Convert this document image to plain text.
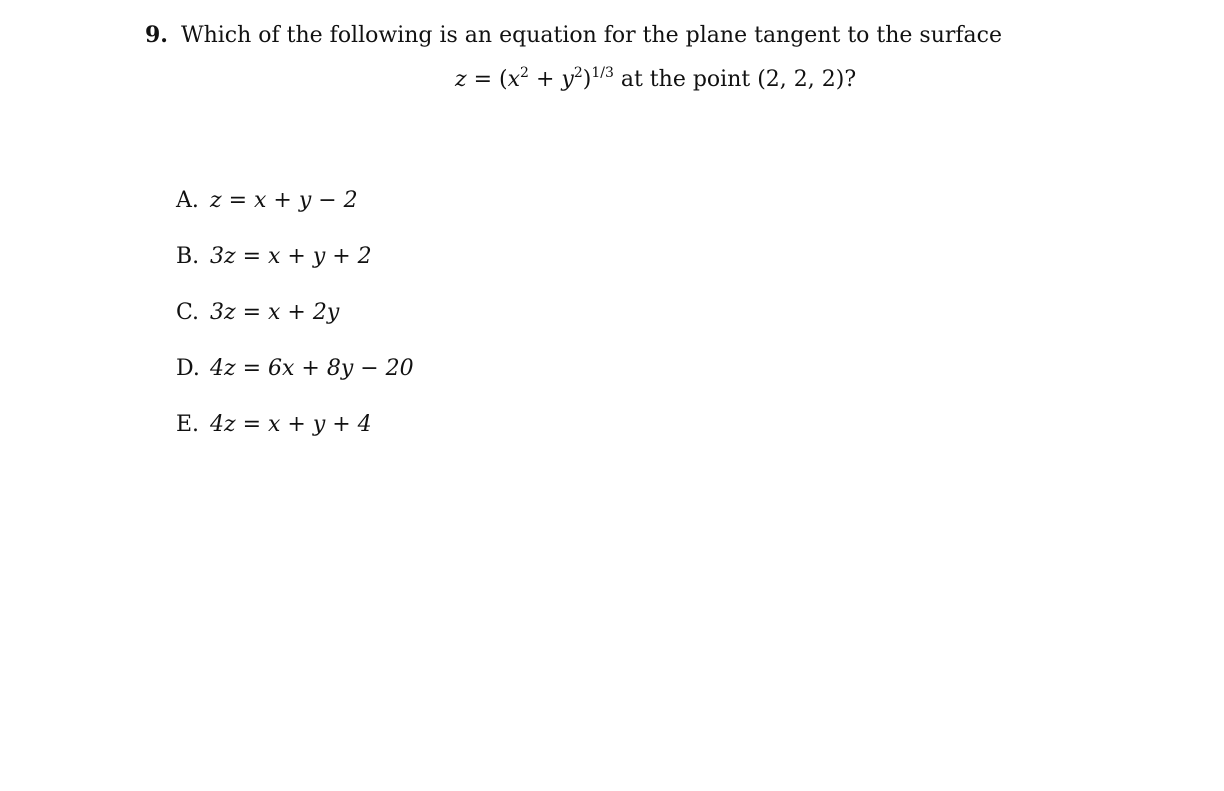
9. Which of the following is an equation for the plane tangent to the surface
$z = (x^2 + y^2)^{1/3}$ at the point (2, 2, 2)?
A. z = x + y − 2
B. 3z = x + y + 2
C. 3z = x + 2y
D. 4z = 6x + 8y − 20
E. 4z = x + y + 4
